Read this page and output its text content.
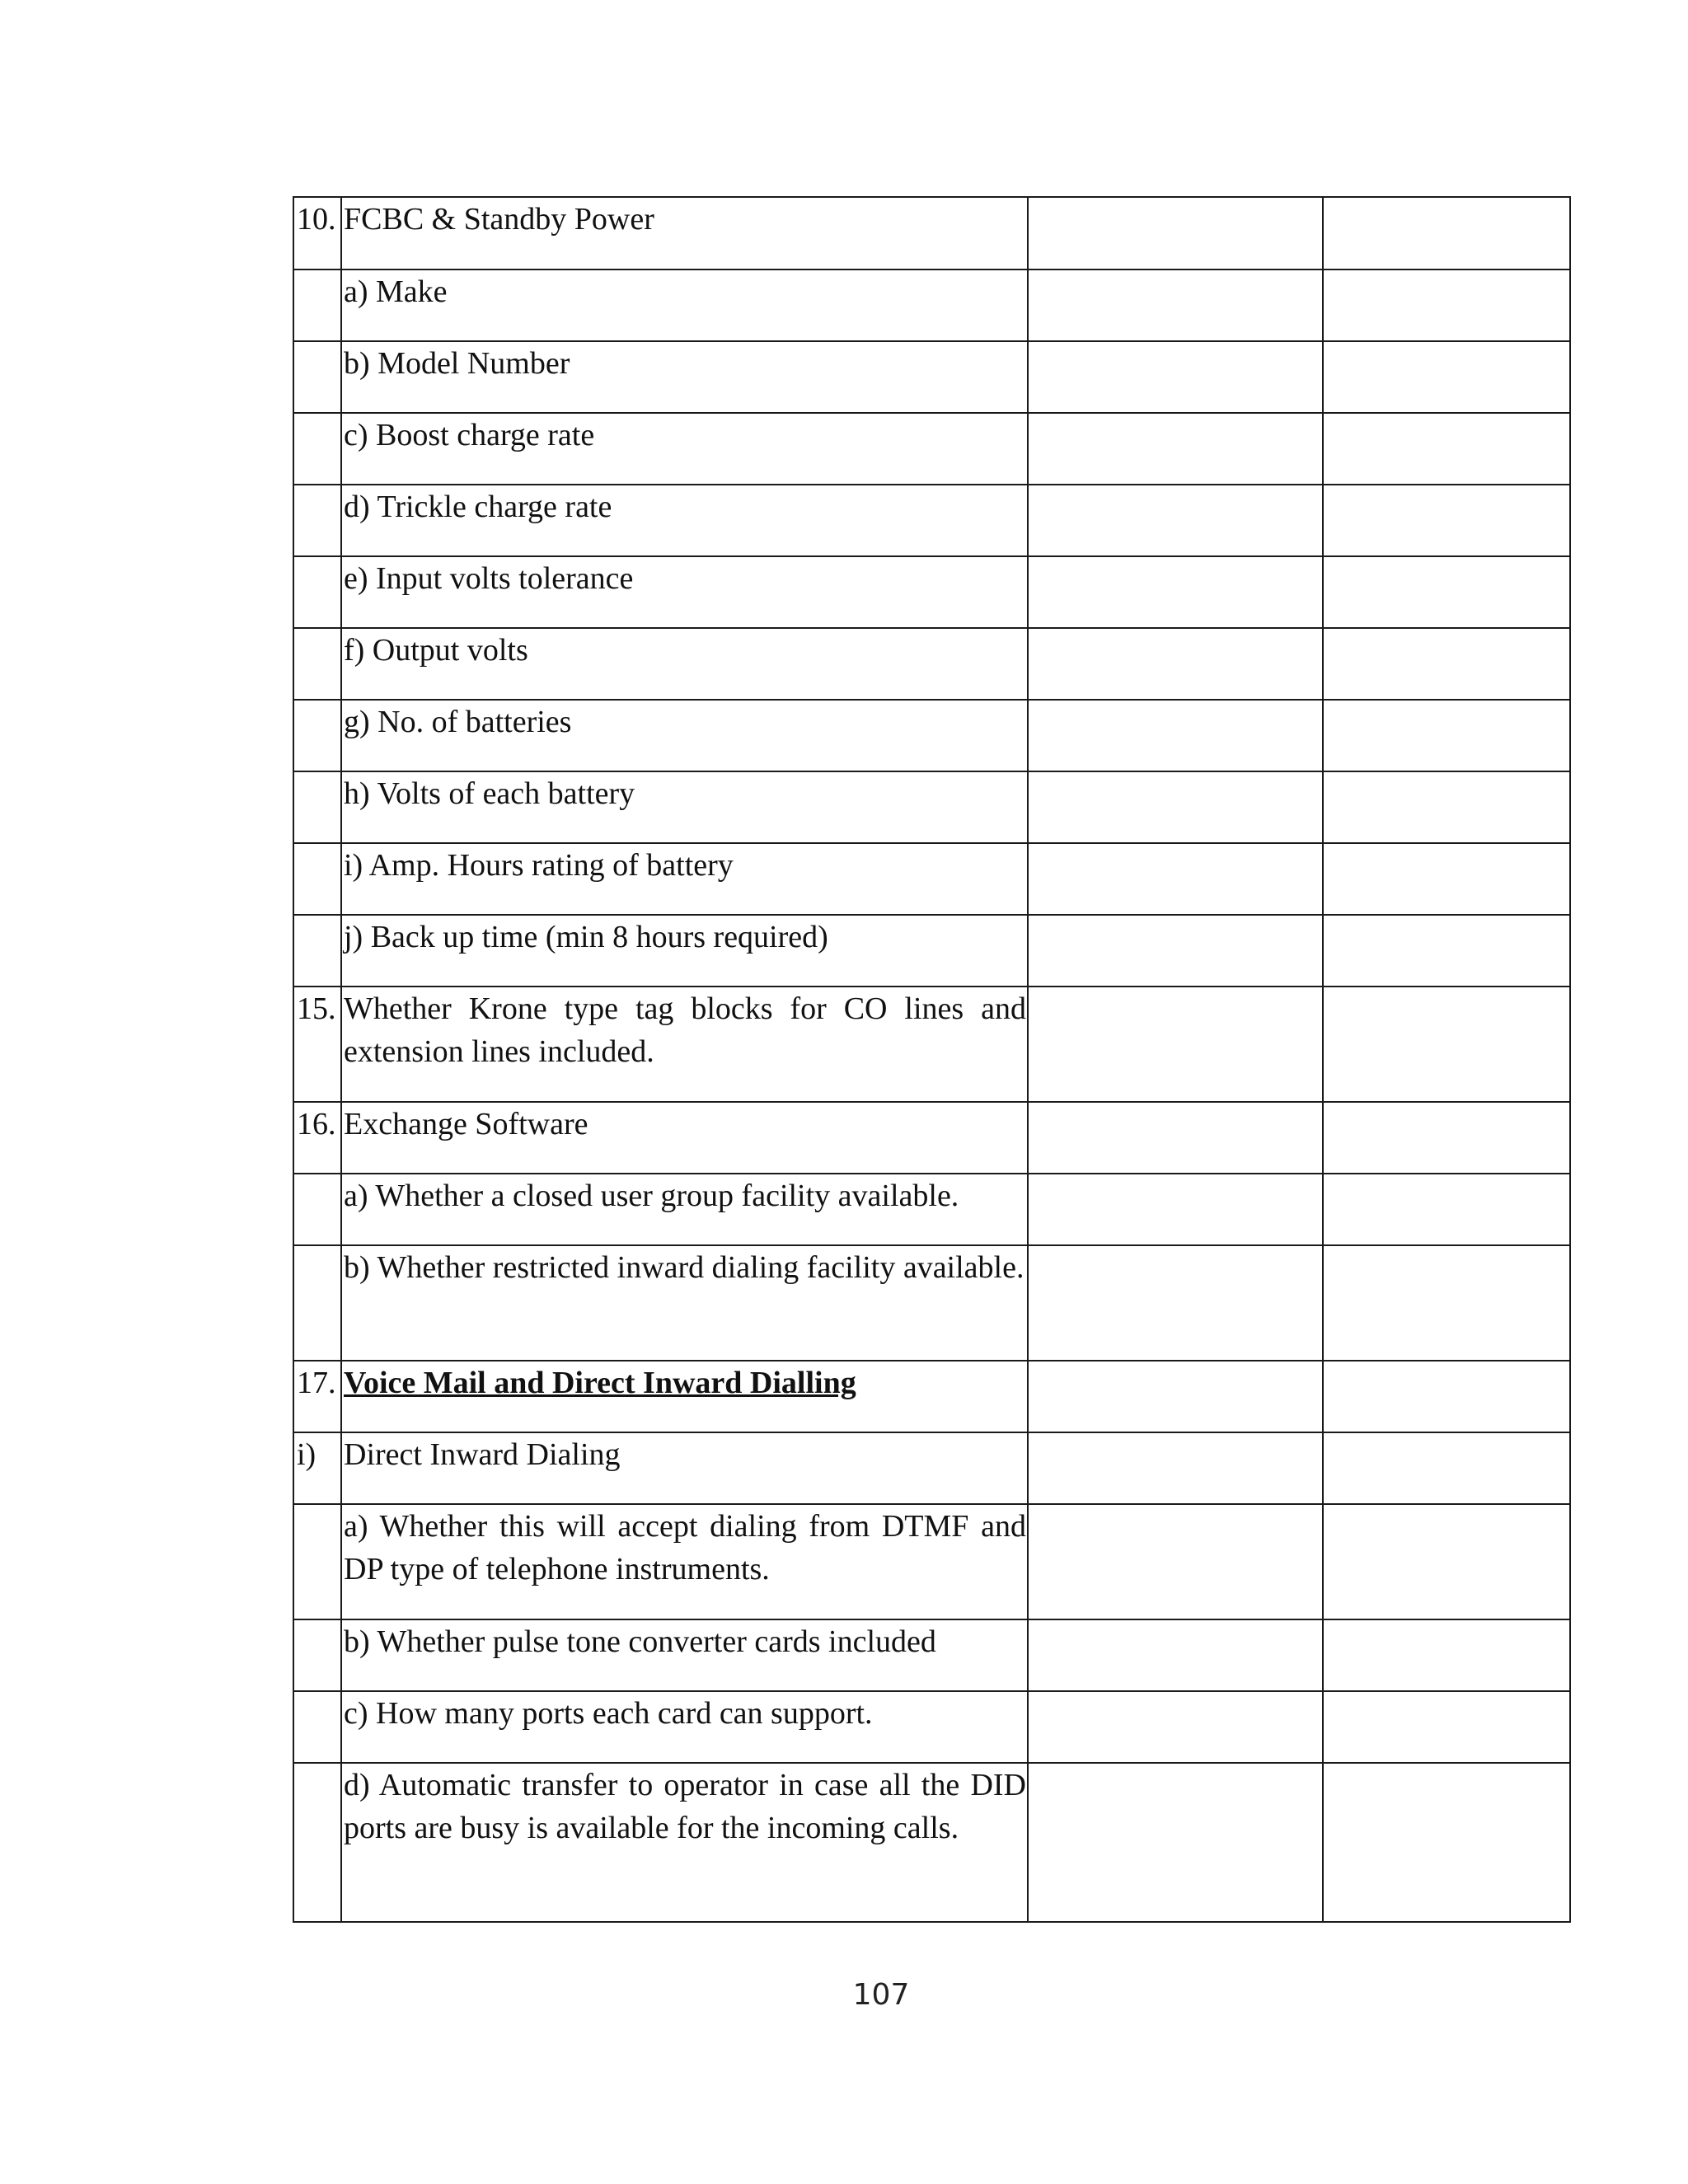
10.	FCBC & Standby Power		
	a) Make		
	b) Model Number		
	c) Boost charge rate		
	d) Trickle charge rate		
	e) Input volts tolerance		
	f) Output volts		
	g) No. of batteries		
	h) Volts of each battery		
	i) Amp. Hours rating of battery		
	j) Back up time (min 8 hours required)		
15.	Whether Krone type tag blocks for CO lines and extension lines included.		
16.	Exchange Software		
	a) Whether a closed user group facility available.		
	b) Whether restricted inward dialing facility available.		
17.	Voice Mail and Direct Inward Dialling		
i)	Direct Inward Dialing		
	a) Whether this will accept dialing from DTMF and DP type of telephone instruments.		
	b) Whether pulse tone converter cards included		
	c) How many ports each card can support.		
	d) Automatic transfer to operator in case all the DID ports are busy is available for the incoming calls.		
107
